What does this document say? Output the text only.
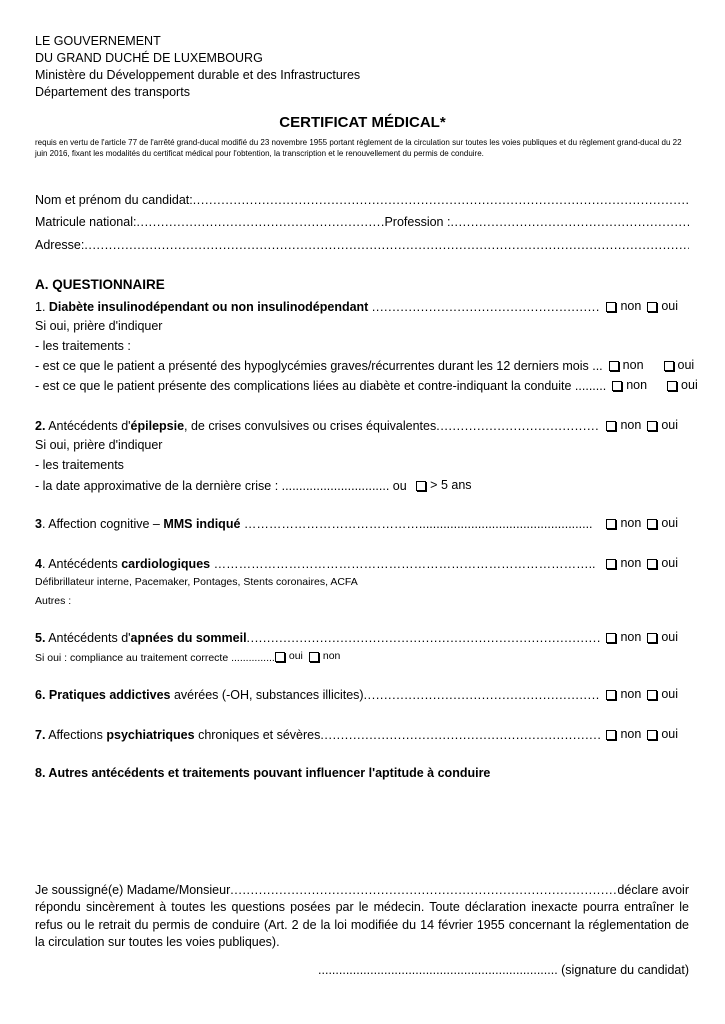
LE GOUVERNEMENT
DU GRAND DUCHÉ DE LUXEMBOURG
Ministère du Développement durable et des Infrastructures
Département des transports
CERTIFICAT MÉDICAL*
requis en vertu de l'article 77 de l'arrêté grand-ducal modifié du 23 novembre 1955 portant règlement de la circulation sur toutes les voies publiques et du règlement grand-ducal du 22 juin 2016, fixant les modalités du certificat médical pour l'obtention, la transcription et le renouvellement du permis de conduire.
Nom et prénom du candidat:
.....
Matricule national: .....	Profession :
.....
Adresse:
.....
A. QUESTIONNAIRE
1. Diabète insulinodépendant ou non insulinodépendant .....	non oui
Si oui, prière d'indiquer
- les traitements :
- est ce que le patient a présenté des hypoglycémies graves/récurrentes durant les 12 derniers mois ... non	oui
- est ce que le patient présente des complications liées au diabète et contre-indiquant la conduite ......... non	oui
2. Antécédents d'épilepsie, de crises convulsives ou crises équivalentes .....	non oui
Si oui, prière d'indiquer
- les traitements
- la date approximative de la dernière crise : ............................... ou > 5 ans
3. Affection cognitive – MMS indiqué …………………………………….................................................. non oui
4. Antécédents cardiologiques ……………………………………………………………………………….. non oui
Défibrillateur interne, Pacemaker, Pontages, Stents coronaires, ACFA
Autres :
5. Antécédents d'apnées du sommeil .....	non oui
Si oui : compliance au traitement correcte ............... oui non
6. Pratiques addictives avérées (-OH, substances illicites) .....	non oui
7. Affections psychiatriques chroniques et sévères .....	non oui
8. Autres antécédents et traitements pouvant influencer l'aptitude à conduire
Je soussigné(e) Madame/Monsieur .....	déclare avoir
répondu sincèrement à toutes les questions posées par le médecin. Toute déclaration inexacte pourra entraîner le refus ou le retrait du permis de conduire (Art. 2 de la loi modifiée du 14 février 1955 concernant la réglementation de la circulation sur toutes les voies publiques).
..................................................................... (signature du candidat)
